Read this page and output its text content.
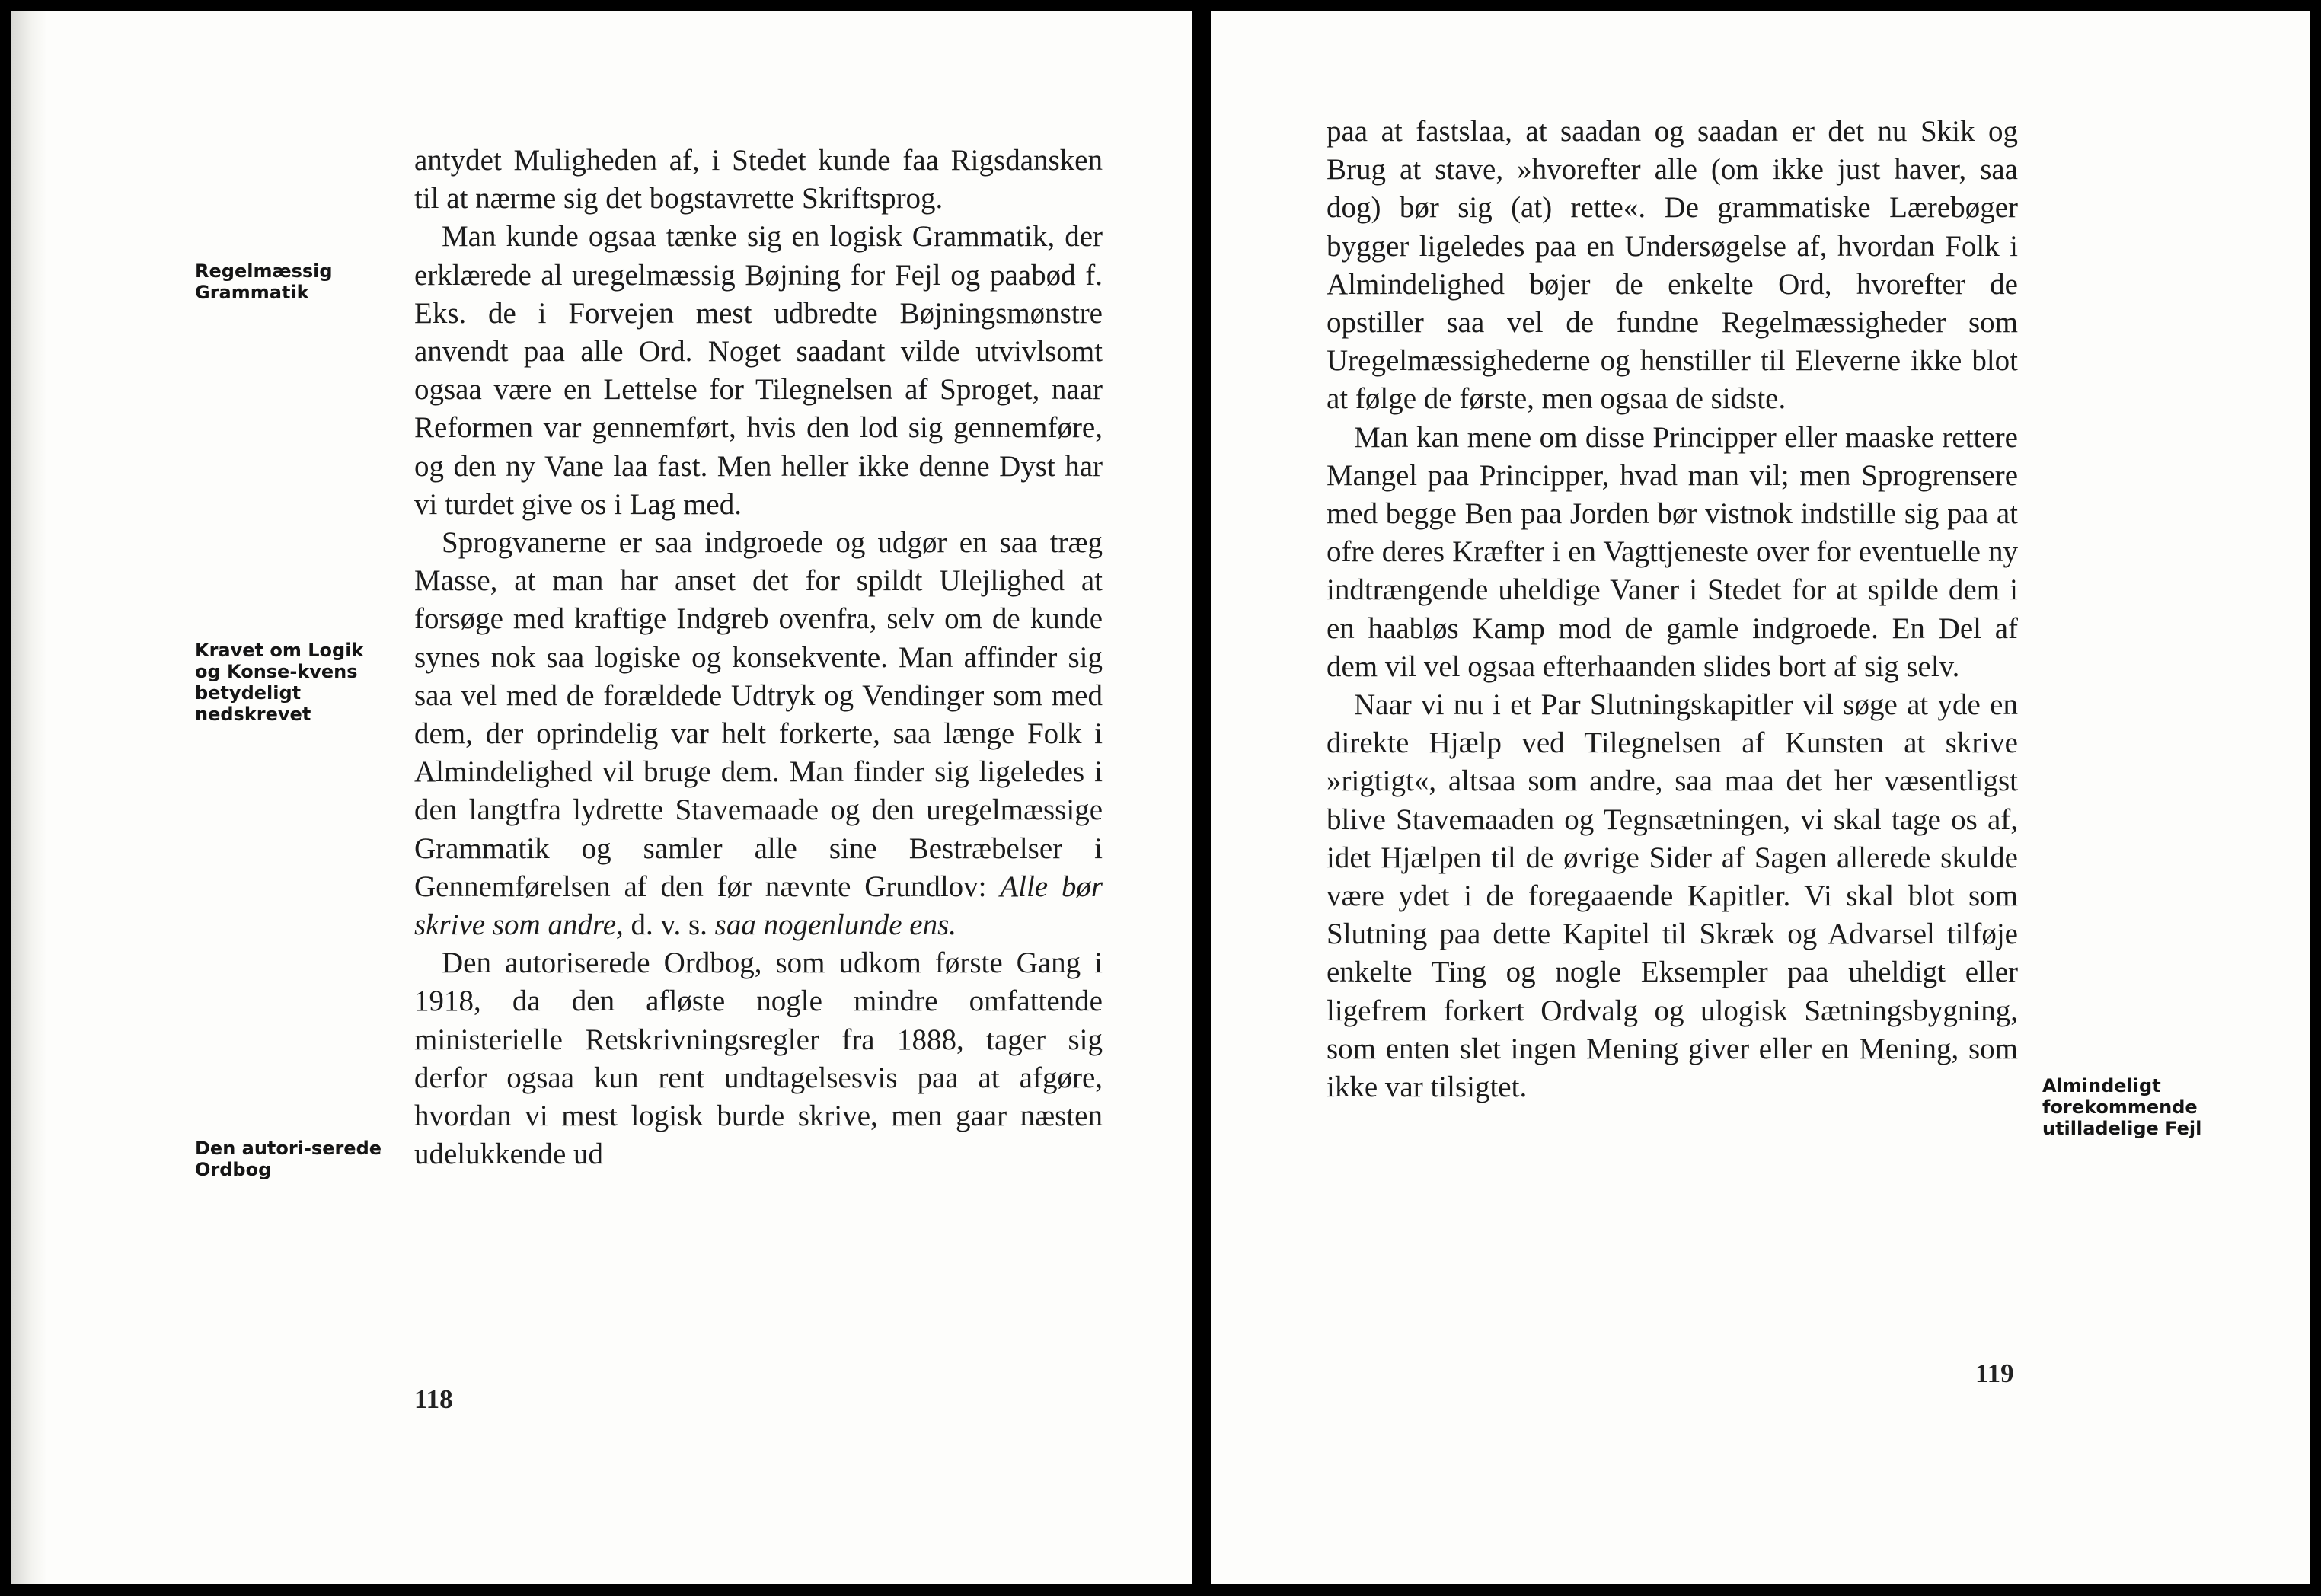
Regelmæssig Grammatik
Kravet om Logik og Konse-kvens betydeligt nedskrevet
Den autori-serede Ordbog

antydet Muligheden af, i Stedet kunde faa Rigsdansken til at nærme sig det bogstavrette Skriftsprog.

Man kunde ogsaa tænke sig en logisk Grammatik, der erklærede al uregelmæssig Bøjning for Fejl og paabød f. Eks. de i Forvejen mest udbredte Bøjningsmønstre anvendt paa alle Ord. Noget saadant vilde utvivlsomt ogsaa være en Lettelse for Tilegnelsen af Sproget, naar Reformen var gennemført, hvis den lod sig gennemføre, og den ny Vane laa fast. Men heller ikke denne Dyst har vi turdet give os i Lag med.

Sprogvanerne er saa indgroede og udgør en saa træg Masse, at man har anset det for spildt Ulejlighed at forsøge med kraftige Indgreb ovenfra, selv om de kunde synes nok saa logiske og konsekvente. Man affinder sig saa vel med de forældede Udtryk og Vendinger som med dem, der oprindelig var helt forkerte, saa længe Folk i Almindelighed vil bruge dem. Man finder sig ligeledes i den langtfra lydrette Stavemaade og den uregelmæssige Grammatik og samler alle sine Bestræbelser i Gennemførelsen af den før nævnte Grundlov: Alle bør skrive som andre, d. v. s. saa nogenlunde ens.

Den autoriserede Ordbog, som udkom første Gang i 1918, da den afløste nogle mindre omfattende ministerielle Retskrivningsregler fra 1888, tager sig derfor ogsaa kun rent undtagelsesvis paa at afgøre, hvordan vi mest logisk burde skrive, men gaar næsten udelukkende ud

118

paa at fastslaa, at saadan og saadan er det nu Skik og Brug at stave, »hvorefter alle (om ikke just haver, saa dog) bør sig (at) rette«. De grammatiske Lærebøger bygger ligeledes paa en Undersøgelse af, hvordan Folk i Almindelighed bøjer de enkelte Ord, hvorefter de opstiller saa vel de fundne Regelmæssigheder som Uregelmæssighederne og henstiller til Eleverne ikke blot at følge de første, men ogsaa de sidste.

Man kan mene om disse Principper eller maaske rettere Mangel paa Principper, hvad man vil; men Sprogrensere med begge Ben paa Jorden bør vistnok indstille sig paa at ofre deres Kræfter i en Vagttjeneste over for eventuelle ny indtrængende uheldige Vaner i Stedet for at spilde dem i en haabløs Kamp mod de gamle indgroede. En Del af dem vil vel ogsaa efterhaanden slides bort af sig selv.

Naar vi nu i et Par Slutningskapitler vil søge at yde en direkte Hjælp ved Tilegnelsen af Kunsten at skrive »rigtigt«, altsaa som andre, saa maa det her væsentligst blive Stavemaaden og Tegnsætningen, vi skal tage os af, idet Hjælpen til de øvrige Sider af Sagen allerede skulde være ydet i de foregaaende Kapitler. Vi skal blot som Slutning paa dette Kapitel til Skræk og Advarsel tilføje enkelte Ting og nogle Eksempler paa uheldigt eller ligefrem forkert Ordvalg og ulogisk Sætningsbygning, som enten slet ingen Mening giver eller en Mening, som ikke var tilsigtet.	Almindeligt forekommende utilladelige Fejl
119
